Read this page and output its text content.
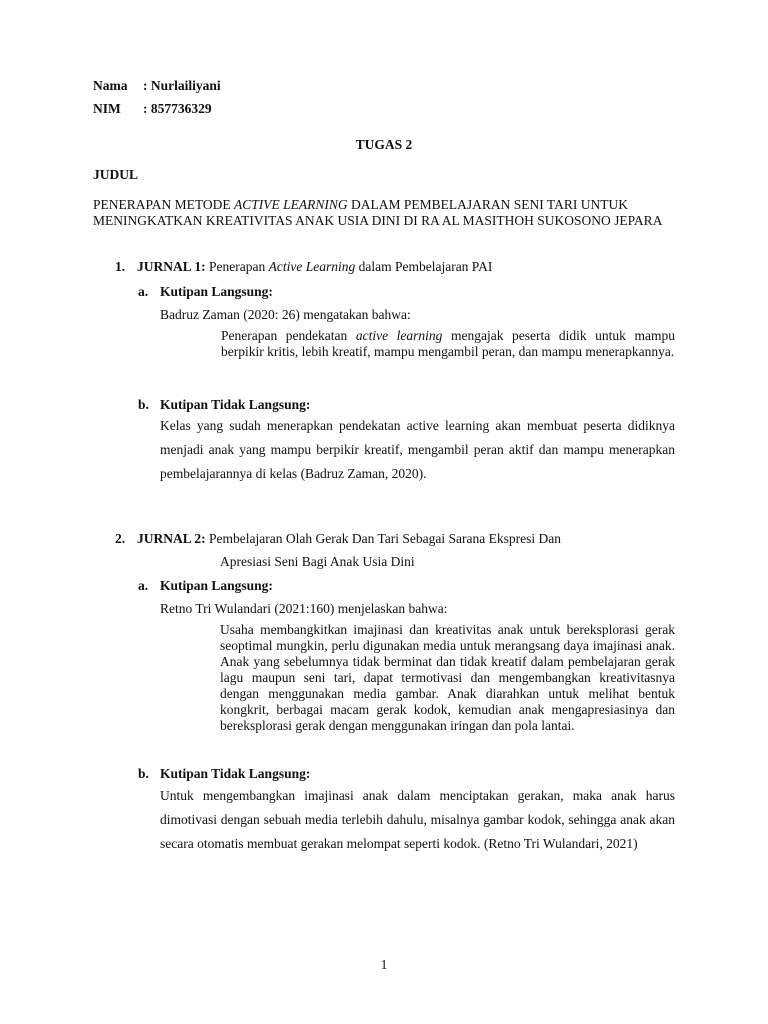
Nama : Nurlailiyani
NIM : 857736329
TUGAS 2
JUDUL
PENERAPAN METODE ACTIVE LEARNING DALAM PEMBELAJARAN SENI TARI UNTUK MENINGKATKAN KREATIVITAS ANAK USIA DINI DI RA AL MASITHOH SUKOSONO JEPARA
1. JURNAL 1: Penerapan Active Learning dalam Pembelajaran PAI
a. Kutipan Langsung:
Badruz Zaman (2020: 26) mengatakan bahwa:
Penerapan pendekatan active learning mengajak peserta didik untuk mampu berpikir kritis, lebih kreatif, mampu mengambil peran, dan mampu menerapkannya.
b. Kutipan Tidak Langsung:
Kelas yang sudah menerapkan pendekatan active learning akan membuat peserta didiknya menjadi anak yang mampu berpikir kreatif, mengambil peran aktif dan mampu menerapkan pembelajarannya di kelas (Badruz Zaman, 2020).
2. JURNAL 2: Pembelajaran Olah Gerak Dan Tari Sebagai Sarana Ekspresi Dan
Apresiasi Seni Bagi Anak Usia Dini
a. Kutipan Langsung:
Retno Tri Wulandari (2021:160) menjelaskan bahwa:
Usaha membangkitkan imajinasi dan kreativitas anak untuk bereksplorasi gerak seoptimal mungkin, perlu digunakan media untuk merangsang daya imajinasi anak. Anak yang sebelumnya tidak berminat dan tidak kreatif dalam pembelajaran gerak lagu maupun seni tari, dapat termotivasi dan mengembangkan kreativitasnya dengan menggunakan media gambar. Anak diarahkan untuk melihat bentuk kongkrit, berbagai macam gerak kodok, kemudian anak mengapresiasinya dan bereksplorasi gerak dengan menggunakan iringan dan pola lantai.
b. Kutipan Tidak Langsung:
Untuk mengembangkan imajinasi anak dalam menciptakan gerakan, maka anak harus dimotivasi dengan sebuah media terlebih dahulu, misalnya gambar kodok, sehingga anak akan secara otomatis membuat gerakan melompat seperti kodok. (Retno Tri Wulandari, 2021)
1
